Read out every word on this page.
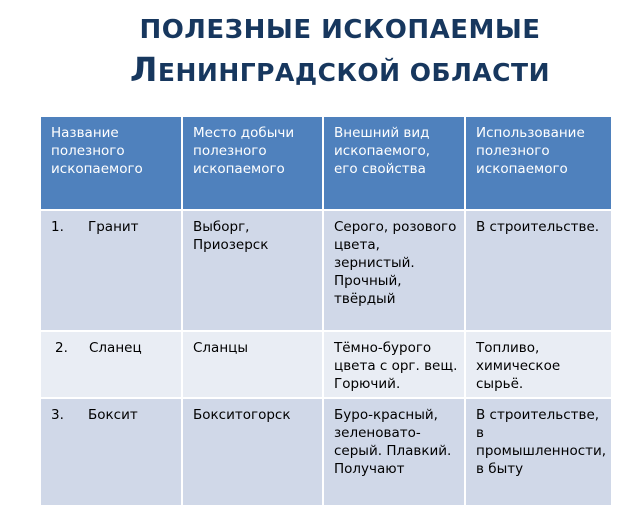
ПОЛЕЗНЫЕ ИСКОПАЕМЫЕ
ЛЕНИНГРАДСКОЙ ОБЛАСТИ
Название полезного ископаемого	Место добычи полезного ископаемого	Внешний вид ископаемого, его свойства	Использование полезного ископаемого
1. Гранит	Выборг, Приозерск	Серого, розового цвета, зернистый. Прочный, твёрдый	В строительстве.
2. Сланец	Сланцы	Тёмно-бурого цвета с орг. вещ. Горючий.	Топливо, химическое сырьё.
3. Боксит	Бокситогорск	Буро-красный, зеленовато-серый. Плавкий. Получают	В строительстве, в промышленности, в быту
